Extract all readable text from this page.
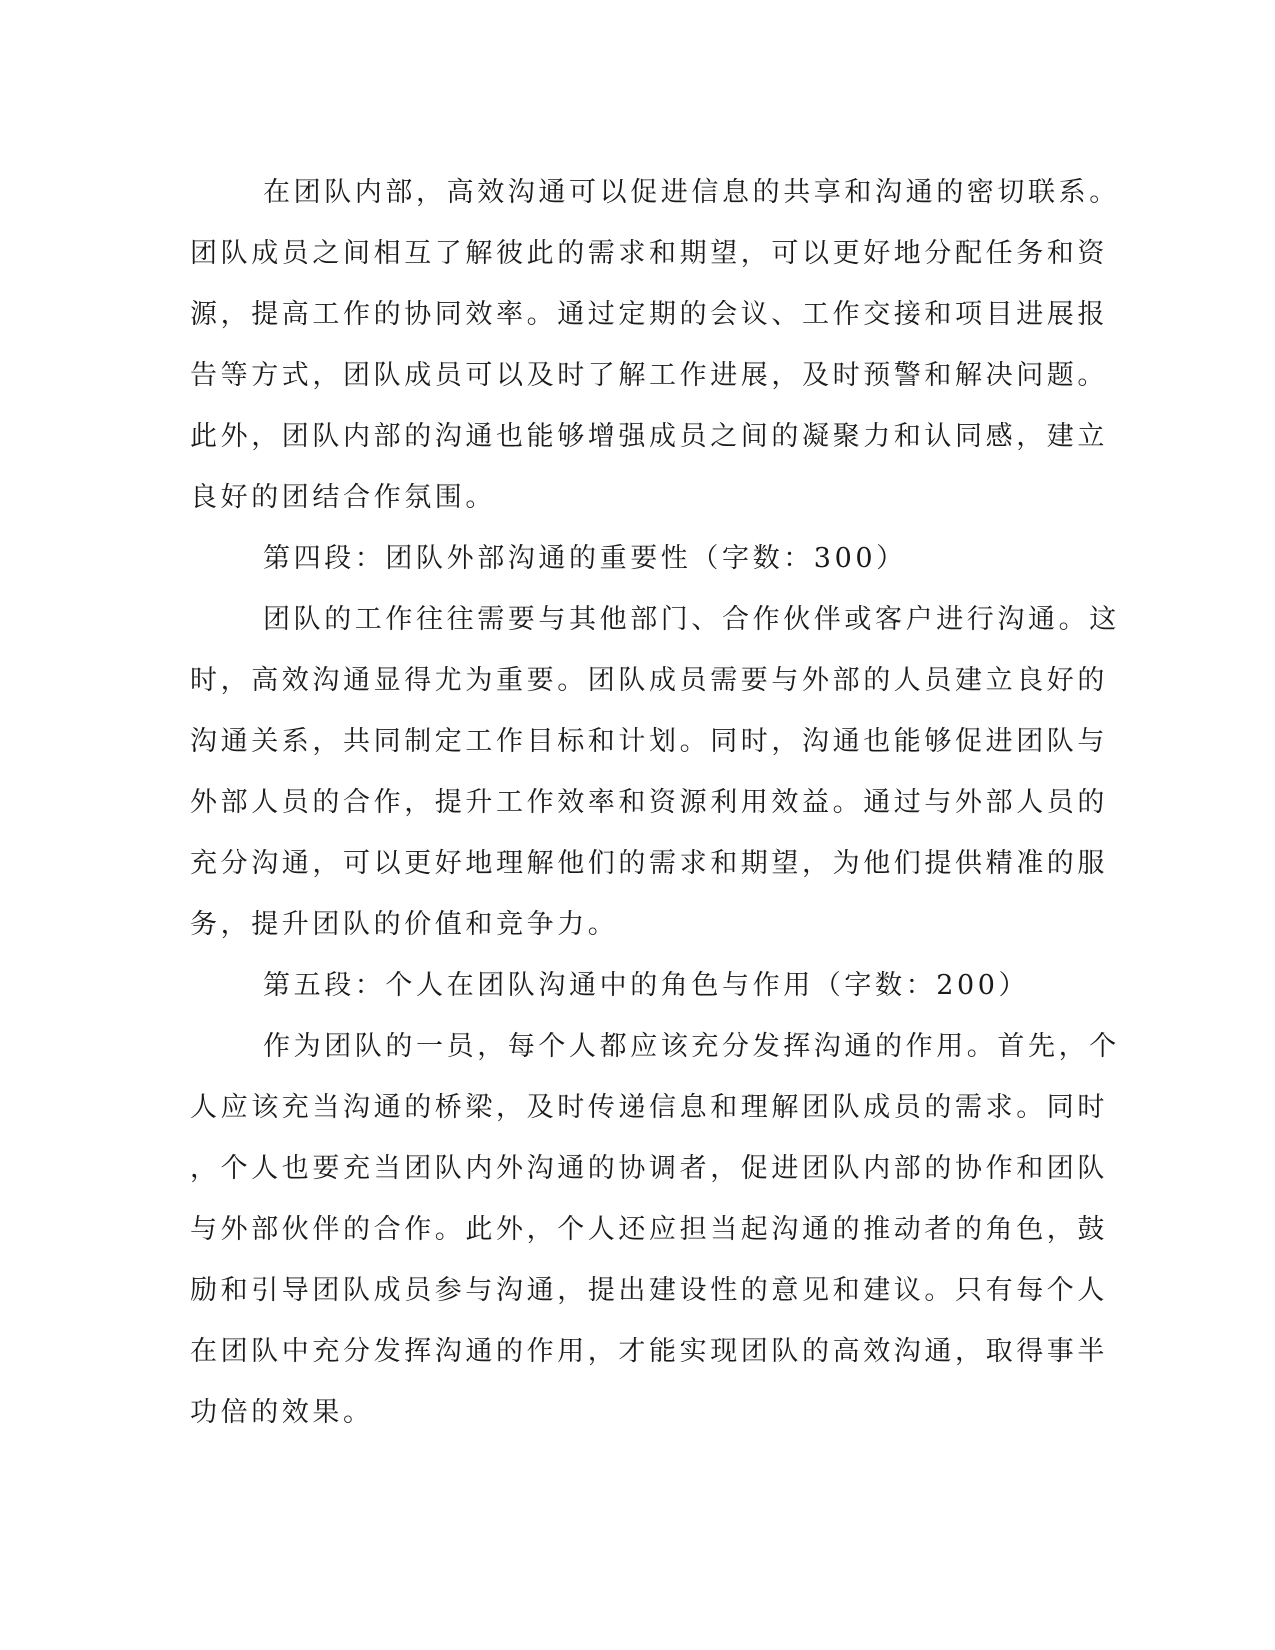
在团队内部，高效沟通可以促进信息的共享和沟通的密切联系。
团队成员之间相互了解彼此的需求和期望，可以更好地分配任务和资
源，提高工作的协同效率。通过定期的会议、工作交接和项目进展报
告等方式，团队成员可以及时了解工作进展，及时预警和解决问题。
此外，团队内部的沟通也能够增强成员之间的凝聚力和认同感，建立
良好的团结合作氛围。
第四段：团队外部沟通的重要性（字数：300）
团队的工作往往需要与其他部门、合作伙伴或客户进行沟通。这
时，高效沟通显得尤为重要。团队成员需要与外部的人员建立良好的
沟通关系，共同制定工作目标和计划。同时，沟通也能够促进团队与
外部人员的合作，提升工作效率和资源利用效益。通过与外部人员的
充分沟通，可以更好地理解他们的需求和期望，为他们提供精准的服
务，提升团队的价值和竞争力。
第五段：个人在团队沟通中的角色与作用（字数：200）
作为团队的一员，每个人都应该充分发挥沟通的作用。首先，个
人应该充当沟通的桥梁，及时传递信息和理解团队成员的需求。同时
，个人也要充当团队内外沟通的协调者，促进团队内部的协作和团队
与外部伙伴的合作。此外，个人还应担当起沟通的推动者的角色，鼓
励和引导团队成员参与沟通，提出建设性的意见和建议。只有每个人
在团队中充分发挥沟通的作用，才能实现团队的高效沟通，取得事半
功倍的效果。
